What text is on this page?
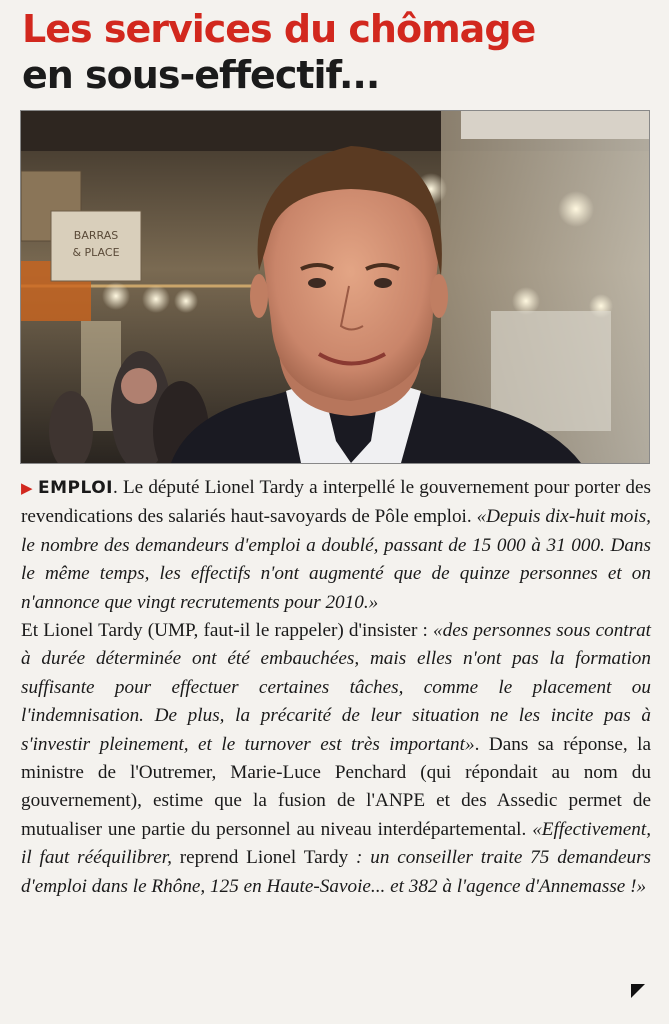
Les services du chômage
en sous-effectif...
BARRAS
& PLACE

▶ EMPLOI. Le député Lionel Tardy a interpellé le gouvernement pour porter des revendications des salariés haut-savoyards de Pôle emploi. «Depuis dix-huit mois, le nombre des demandeurs d'emploi a doublé, passant de 15 000 à 31 000. Dans le même temps, les effectifs n'ont augmenté que de quinze personnes et on n'annonce que vingt recrutements pour 2010.»

Et Lionel Tardy (UMP, faut-il le rappeler) d'insister : «des personnes sous contrat à durée déterminée ont été embauchées, mais elles n'ont pas la formation suffisante pour effectuer certaines tâches, comme le placement ou l'indemnisation. De plus, la précarité de leur situation ne les incite pas à s'investir pleinement, et le turnover est très important». Dans sa réponse, la ministre de l'Outremer, Marie-Luce Penchard (qui répondait au nom du gouvernement), estime que la fusion de l'ANPE et des Assedic permet de mutualiser une partie du personnel au niveau interdépartemental. «Effectivement, il faut rééquilibrer, reprend Lionel Tardy : un conseiller traite 75 demandeurs d'emploi dans le Rhône, 125 en Haute-Savoie... et 382 à l'agence d'Annemasse !»
